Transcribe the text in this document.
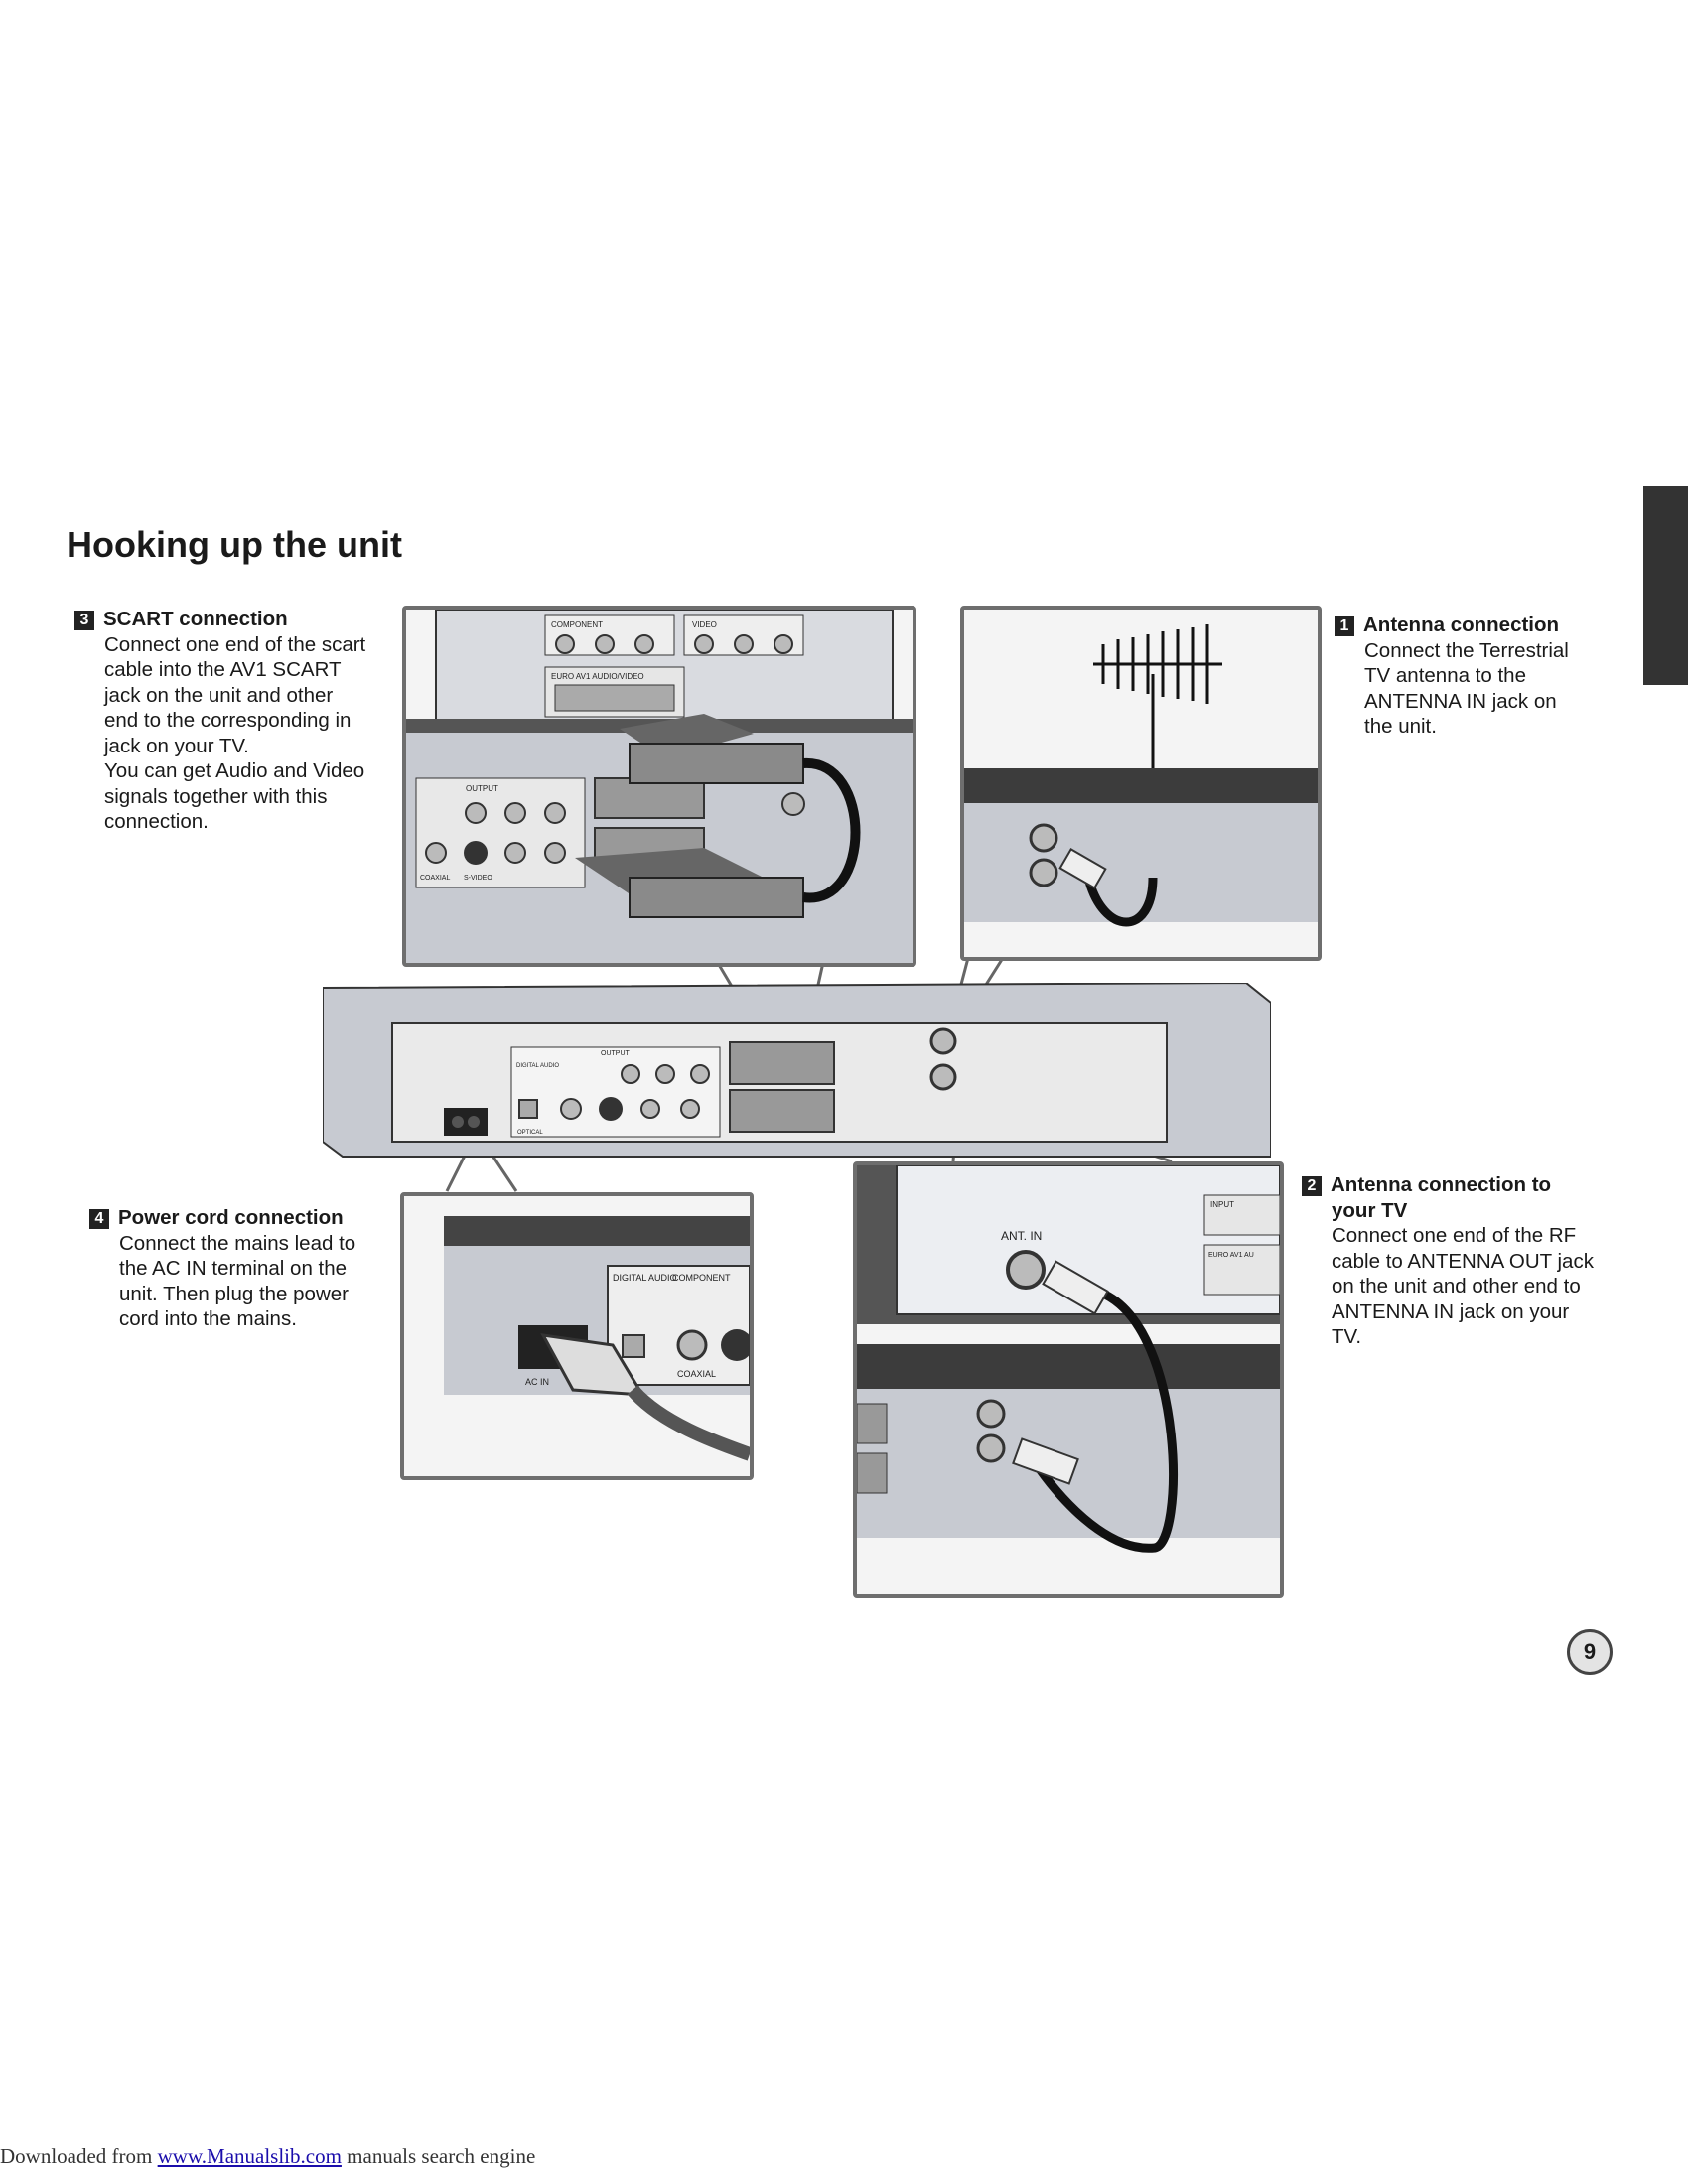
Hooking up the unit
3 SCART connection
Connect one end of the scart
cable into the AV1 SCART
jack on the unit and other
end to the corresponding in
jack on your TV.
You can get Audio and Video
signals together with this
connection.
1 Antenna connection
Connect the Terrestrial
TV antenna to the
ANTENNA IN jack on
the unit.
4 Power cord connection
Connect the mains lead to
the AC IN terminal on the
unit. Then plug the power
cord into the mains.
2 Antenna connection to
your TV
Connect one end of the RF
cable to ANTENNA OUT jack
on the unit and other end to
ANTENNA IN jack on your
TV.
COMPONENT	VIDEO
EURO AV1 AUDIO/VIDEO
OUTPUT
COAXIAL S-VIDEO
OUTPUT
DIGITAL AUDIO
OPTICAL
DIGITAL AUDIO
COMPONENT
COAXIAL
AC IN
ANT. IN
INPUT
EURO AV1 AU
9
Downloaded from www.Manualslib.com manuals search engine
